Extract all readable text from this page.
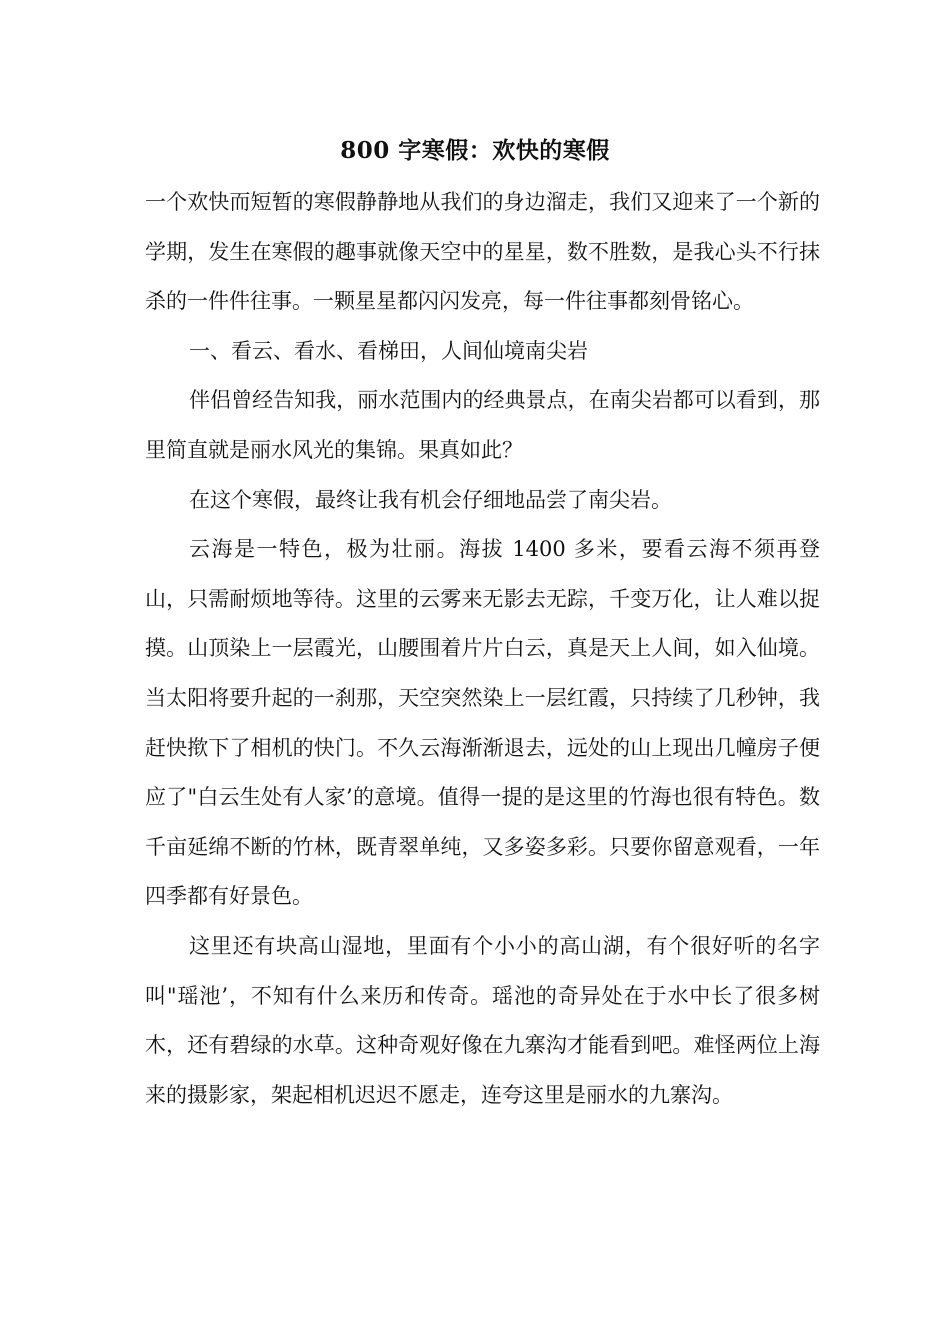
800 字寒假：欢快的寒假

一个欢快而短暂的寒假静静地从我们的身边溜走，我们又迎来了一个新的学期，发生在寒假的趣事就像天空中的星星，数不胜数，是我心头不行抹杀的一件件往事。一颗星星都闪闪发亮，每一件往事都刻骨铭心。

一、看云、看水、看梯田，人间仙境南尖岩

伴侣曾经告知我，丽水范围内的经典景点，在南尖岩都可以看到，那里简直就是丽水风光的集锦。果真如此？

在这个寒假，最终让我有机会仔细地品尝了南尖岩。

云海是一特色，极为壮丽。海拔 1400 多米，要看云海不须再登山，只需耐烦地等待。这里的云雾来无影去无踪，千变万化，让人难以捉摸。山顶染上一层霞光，山腰围着片片白云，真是天上人间，如入仙境。当太阳将要升起的一刹那，天空突然染上一层红霞，只持续了几秒钟，我赶快揿下了相机的快门。不久云海渐渐退去，远处的山上现出几幢房子便应了"白云生处有人家’的意境。值得一提的是这里的竹海也很有特色。数千亩延绵不断的竹林，既青翠单纯，又多姿多彩。只要你留意观看，一年四季都有好景色。

这里还有块高山湿地，里面有个小小的高山湖，有个很好听的名字叫"瑶池’，不知有什么来历和传奇。瑶池的奇异处在于水中长了很多树木，还有碧绿的水草。这种奇观好像在九寨沟才能看到吧。难怪两位上海来的摄影家，架起相机迟迟不愿走，连夸这里是丽水的九寨沟。
